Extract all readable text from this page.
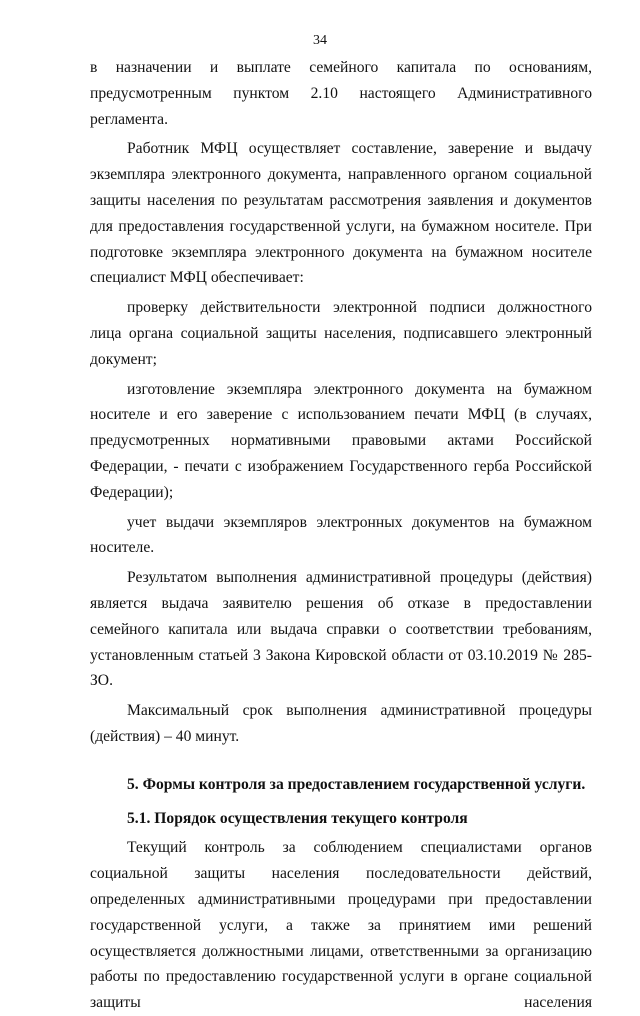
34

в назначении и выплате семейного капитала по основаниям, предусмотренным пунктом 2.10 настоящего Административного регламента.

Работник МФЦ осуществляет составление, заверение и выдачу экземпляра электронного документа, направленного органом социальной защиты населения по результатам рассмотрения заявления и документов для предоставления государственной услуги, на бумажном носителе. При подготовке экземпляра электронного документа на бумажном носителе специалист МФЦ обеспечивает:

проверку действительности электронной подписи должностного лица органа социальной защиты населения, подписавшего электронный документ;

изготовление экземпляра электронного документа на бумажном носителе и его заверение с использованием печати МФЦ (в случаях, предусмотренных нормативными правовыми актами Российской Федерации, - печати с изображением Государственного герба Российской Федерации);

учет выдачи экземпляров электронных документов на бумажном носителе.

Результатом выполнения административной процедуры (действия) является выдача заявителю решения об отказе в предоставлении семейного капитала или выдача справки о соответствии требованиям, установленным статьей 3 Закона Кировской области от 03.10.2019 № 285-ЗО.

Максимальный срок выполнения административной процедуры (действия) – 40 минут.

5. Формы контроля за предоставлением государственной услуги.

5.1. Порядок осуществления текущего контроля

Текущий контроль за соблюдением специалистами органов социальной защиты населения последовательности действий, определенных административными процедурами при предоставлении государственной услуги, а также за принятием ими решений осуществляется должностными лицами, ответственными за организацию работы по предоставлению государственной услуги в органе социальной защиты населения
